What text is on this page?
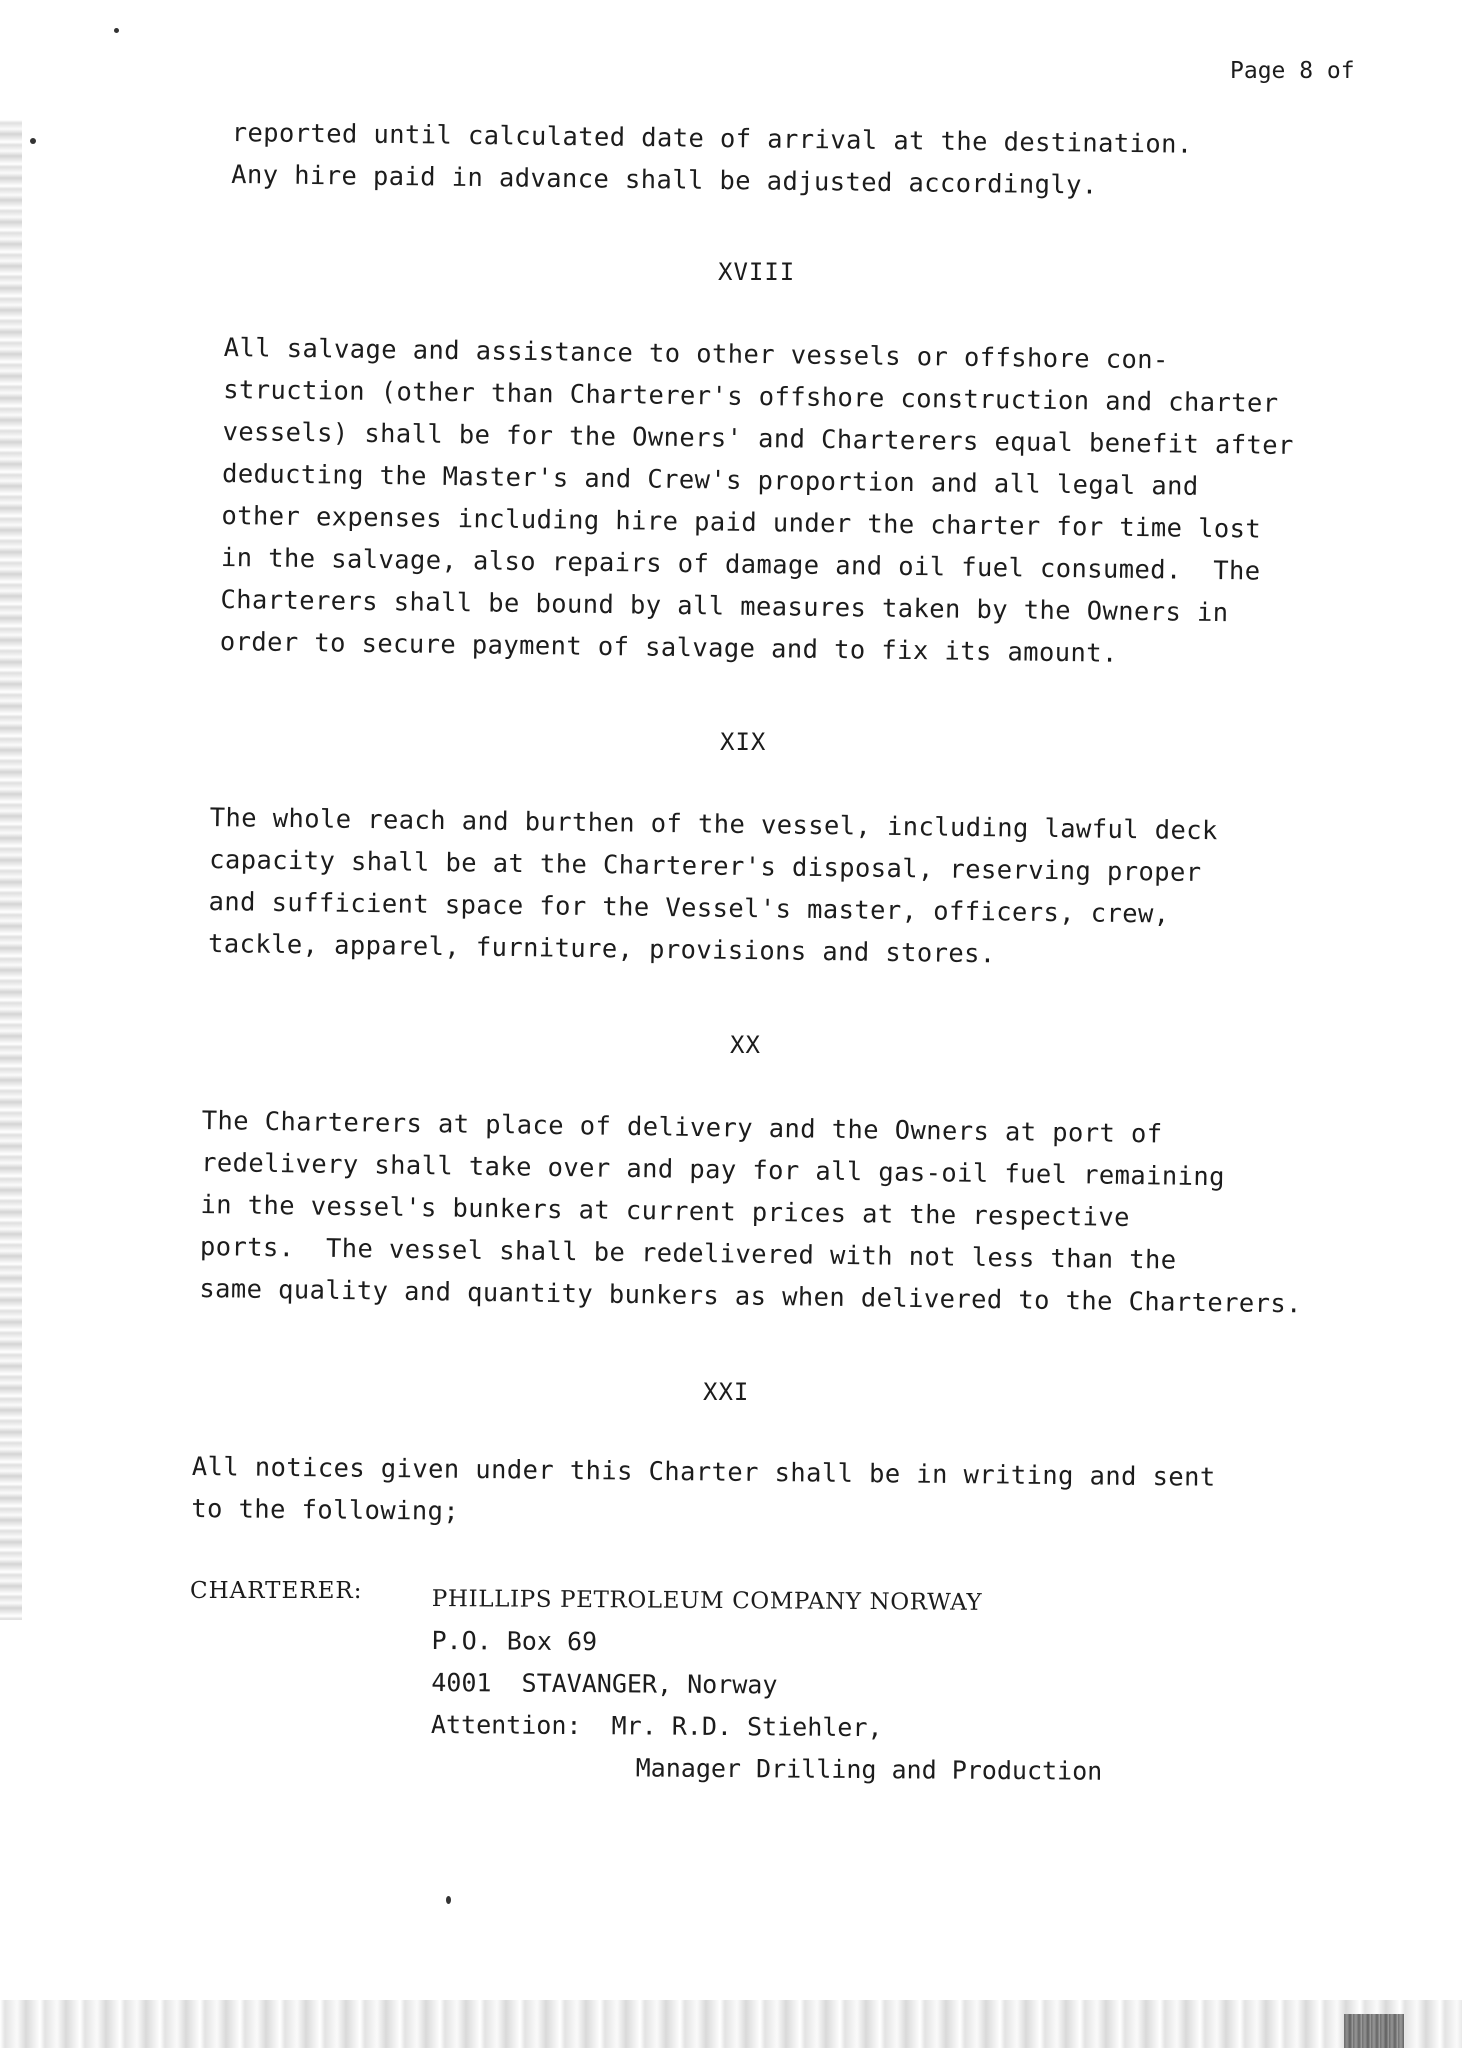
Page 8 of
reported until calculated date of arrival at the destination.
Any hire paid in advance shall be adjusted accordingly.
XVIII
All salvage and assistance to other vessels or offshore con-
struction (other than Charterer's offshore construction and charter
vessels) shall be for the Owners' and Charterers equal benefit after
deducting the Master's and Crew's proportion and all legal and
other expenses including hire paid under the charter for time lost
in the salvage, also repairs of damage and oil fuel consumed.  The
Charterers shall be bound by all measures taken by the Owners in
order to secure payment of salvage and to fix its amount.
XIX
The whole reach and burthen of the vessel, including lawful deck
capacity shall be at the Charterer's disposal, reserving proper
and sufficient space for the Vessel's master, officers, crew,
tackle, apparel, furniture, provisions and stores.
XX
The Charterers at place of delivery and the Owners at port of
redelivery shall take over and pay for all gas-oil fuel remaining
in the vessel's bunkers at current prices at the respective
ports.  The vessel shall be redelivered with not less than the
same quality and quantity bunkers as when delivered to the Charterers.
XXI
All notices given under this Charter shall be in writing and sent
to the following;
CHARTERER:	PHILLIPS PETROLEUM COMPANY NORWAY
P.O. Box 69
4001  STAVANGER, Norway
Attention: Mr. R.D. Stiehler,
Manager Drilling and Production
